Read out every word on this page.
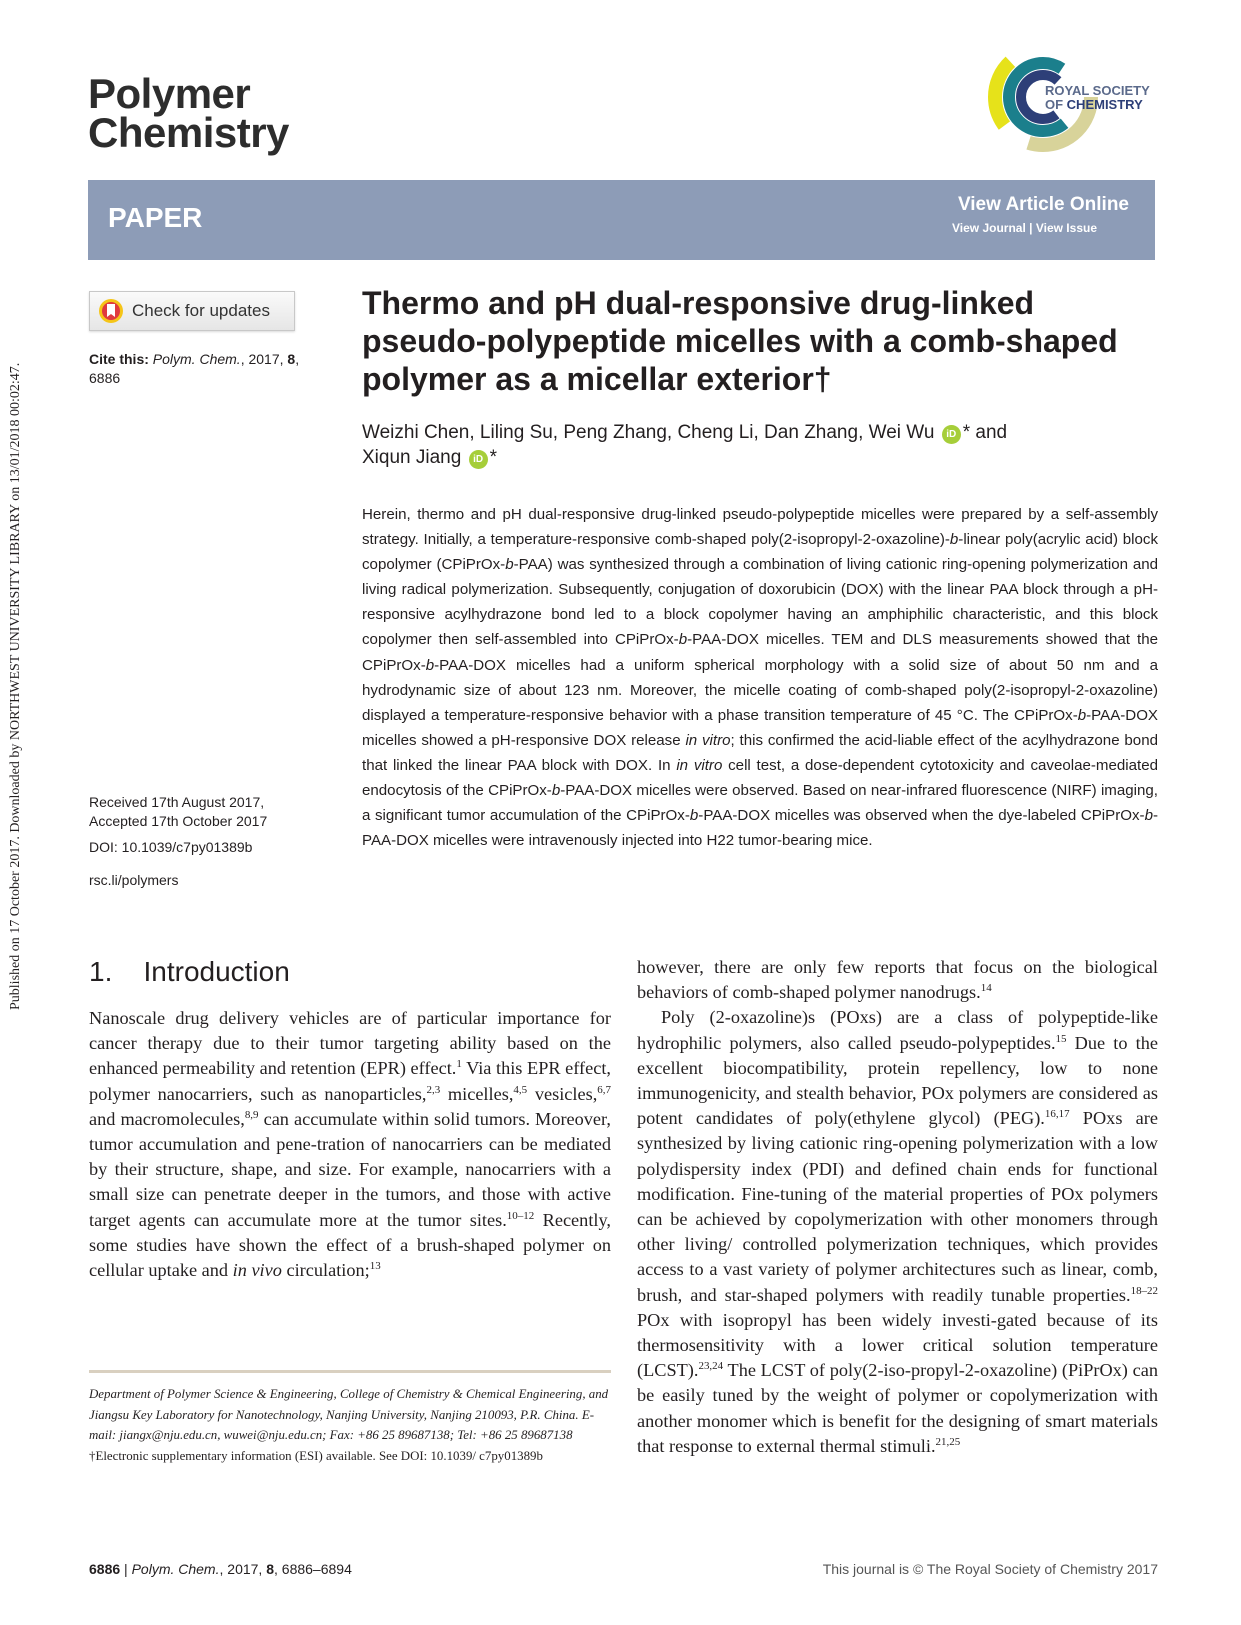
Published on 17 October 2017. Downloaded by NORTHWEST UNIVERSITY LIBRARY on 13/01/2018 00:02:47.
Polymer
Chemistry
ROYAL SOCIETY
OF CHEMISTRY
PAPER	View Article Online
View Journal | View Issue
Check for updates
Cite this: Polym. Chem., 2017, 8,
6886
Received 17th August 2017,
Accepted 17th October 2017
DOI: 10.1039/c7py01389b
rsc.li/polymers
Thermo and pH dual-responsive drug-linked pseudo-polypeptide micelles with a comb-shaped polymer as a micellar exterior†
Weizhi Chen, Liling Su, Peng Zhang, Cheng Li, Dan Zhang, Wei Wu iD * and
Xiqun Jiang iD *
Herein, thermo and pH dual-responsive drug-linked pseudo-polypeptide micelles were prepared by a self-assembly strategy. Initially, a temperature-responsive comb-shaped poly(2-isopropyl-2-oxazoline)-b-linear poly(acrylic acid) block copolymer (CPiPrOx-b-PAA) was synthesized through a combination of living cationic ring-opening polymerization and living radical polymerization. Subsequently, conjugation of doxorubicin (DOX) with the linear PAA block through a pH-responsive acylhydrazone bond led to a block copolymer having an amphiphilic characteristic, and this block copolymer then self-assembled into CPiPrOx-b-PAA-DOX micelles. TEM and DLS measurements showed that the CPiPrOx-b-PAA-DOX micelles had a uniform spherical morphology with a solid size of about 50 nm and a hydrodynamic size of about 123 nm. Moreover, the micelle coating of comb-shaped poly(2-isopropyl-2-oxazoline) displayed a temperature-responsive behavior with a phase transition temperature of 45 °C. The CPiPrOx-b-PAA-DOX micelles showed a pH-responsive DOX release in vitro; this confirmed the acid-liable effect of the acylhydrazone bond that linked the linear PAA block with DOX. In in vitro cell test, a dose-dependent cytotoxicity and caveolae-mediated endocytosis of the CPiPrOx-b-PAA-DOX micelles were observed. Based on near-infrared fluorescence (NIRF) imaging, a significant tumor accumulation of the CPiPrOx-b-PAA-DOX micelles was observed when the dye-labeled CPiPrOx-b-PAA-DOX micelles were intravenously injected into H22 tumor-bearing mice.
1. Introduction

Nanoscale drug delivery vehicles are of particular importance for cancer therapy due to their tumor targeting ability based on the enhanced permeability and retention (EPR) effect.$^1$ Via this EPR effect, polymer nanocarriers, such as nanoparticles,$^{2,3}$ micelles,$^{4,5}$ vesicles,$^{6,7}$ and macromolecules,$^{8,9}$ can accumulate within solid tumors. Moreover, tumor accumulation and pene-tration of nanocarriers can be mediated by their structure, shape, and size. For example, nanocarriers with a small size can penetrate deeper in the tumors, and those with active target agents can accumulate more at the tumor sites.$^{10-12}$ Recently, some studies have shown the effect of a brush-shaped polymer on cellular uptake and in vivo circulation;$^{13}$

however, there are only few reports that focus on the biological behaviors of comb-shaped polymer nanodrugs.$^{14}$

Poly (2-oxazoline)s (POxs) are a class of polypeptide-like hydrophilic polymers, also called pseudo-polypeptides.$^{15}$ Due to the excellent biocompatibility, protein repellency, low to none immunogenicity, and stealth behavior, POx polymers are considered as potent candidates of poly(ethylene glycol) (PEG).$^{16,17}$ POxs are synthesized by living cationic ring-opening polymerization with a low polydispersity index (PDI) and defined chain ends for functional modification. Fine-tuning of the material properties of POx polymers can be achieved by copolymerization with other monomers through other living/ controlled polymerization techniques, which provides access to a vast variety of polymer architectures such as linear, comb, brush, and star-shaped polymers with readily tunable properties.$^{18-22}$ POx with isopropyl has been widely investi-gated because of its thermosensitivity with a lower critical solution temperature (LCST).$^{23,24}$ The LCST of poly(2-iso-propyl-2-oxazoline) (PiPrOx) can be easily tuned by the weight of polymer or copolymerization with another monomer which is benefit for the designing of smart materials that response to external thermal stimuli.$^{21,25}$

Department of Polymer Science & Engineering, College of Chemistry & Chemical Engineering, and Jiangsu Key Laboratory for Nanotechnology, Nanjing University, Nanjing 210093, P.R. China. E-mail: jiangx@nju.edu.cn, wuwei@nju.edu.cn; Fax: +86 25 89687138; Tel: +86 25 89687138
†Electronic supplementary information (ESI) available. See DOI: 10.1039/ c7py01389b
6886 | Polym. Chem., 2017, 8, 6886–6894	This journal is © The Royal Society of Chemistry 2017
